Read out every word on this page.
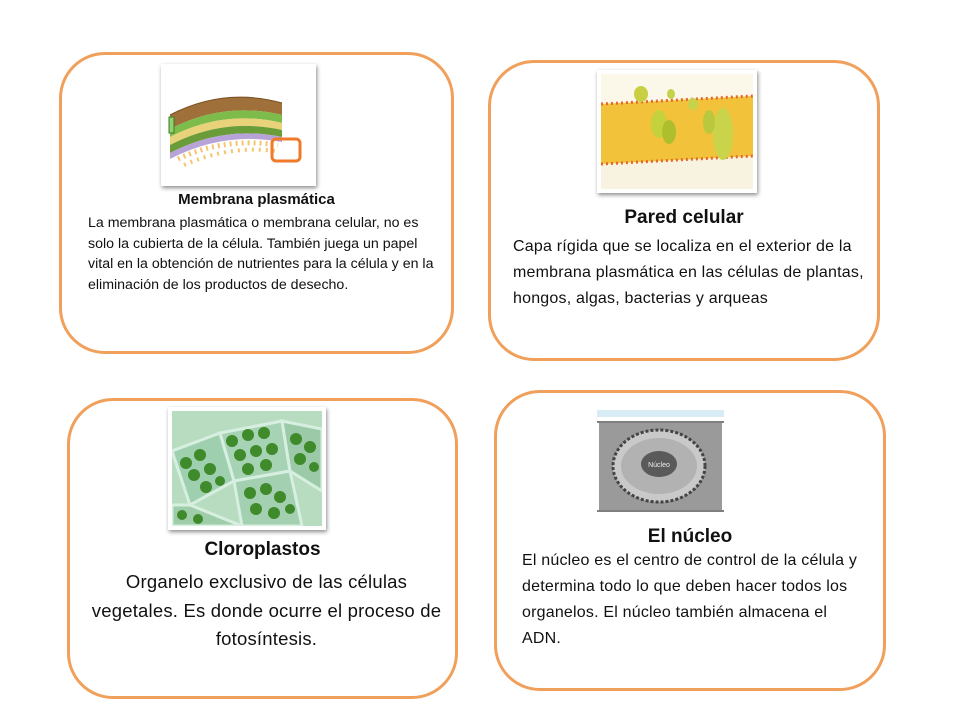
Membrana plasmática
La membrana plasmática o membrana celular, no es solo la cubierta de la célula. También juega un papel vital en la obtención de nutrientes para la célula y en la eliminación de los productos de desecho.
Pared celular
Capa rígida que se localiza en el exterior de la membrana plasmática en las células de plantas, hongos, algas, bacterias y arqueas
Cloroplastos
Organelo exclusivo de las células vegetales. Es donde ocurre el proceso de fotosíntesis.
Núcleo
El núcleo
El núcleo es el centro de control de la célula y determina todo lo que deben hacer todos los organelos. El núcleo también almacena el ADN.
